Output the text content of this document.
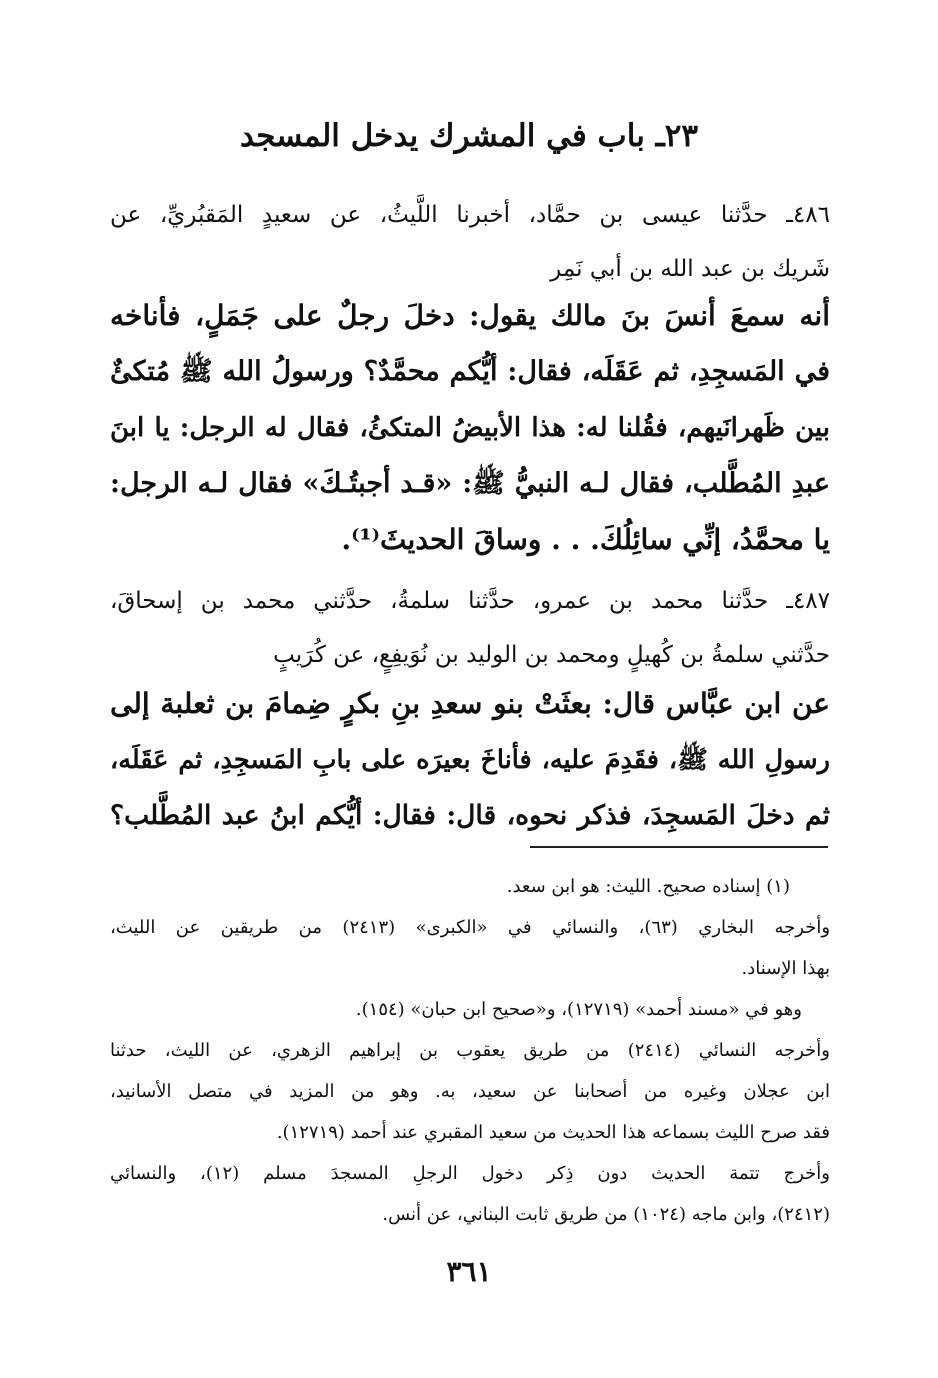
٢٣ـ باب في المشرك يدخل المسجد
٤٨٦ـ حدَّثنا عيسى بن حمَّاد، أخبرنا اللَّيثُ، عن سعيدٍ المَقبُريِّ، عن
شَريك بن عبد الله بن أبي نَمِر
أنه سمعَ أنسَ بنَ مالك يقول: دخلَ رجلٌ على جَمَلٍ، فأناخه
في المَسجِدِ، ثم عَقَلَه، فقال: أيُّكم محمَّدٌ؟ ورسولُ الله ﷺ مُتكئٌ
بين ظَهرانَيهم، فقُلنا له: هذا الأبيضُ المتكئُ، فقال له الرجل: يا ابنَ
عبدِ المُطَّلب، فقال لـه النبيُّ ﷺ: «قـد أجبتُـكَ» فقال لـه الرجل:
يا محمَّدُ، إنِّي سائِلُكَ. . . وساقَ الحديثَ⁽¹⁾.
٤٨٧ـ حدَّثنا محمد بن عمرو، حدَّثنا سلمةُ، حدَّثني محمد بن إسحاقَ،
حدَّثني سلمةُ بن كُهيلٍ ومحمد بن الوليد بن نُوَيفِعٍ، عن كُرَيبٍ
عن ابن عبَّاس قال: بعثَتْ بنو سعدِ بنِ بكرٍ ضِمامَ بن ثعلبة إلى
رسولِ الله ﷺ، فقَدِمَ عليه، فأناخَ بعيرَه على بابِ المَسجِدِ، ثم عَقَلَه،
ثم دخلَ المَسجِدَ، فذكر نحوه، قال: فقال: أيُّكم ابنُ عبد المُطَّلب؟
(١) إسناده صحيح. الليث: هو ابن سعد.
وأخرجه البخاري (٦٣)، والنسائي في «الكبرى» (٢٤١٣) من طريقين عن الليث،
بهذا الإسناد.
وهو في «مسند أحمد» (١٢٧١٩)، و«صحيح ابن حبان» (١٥٤).
وأخرجه النسائي (٢٤١٤) من طريق يعقوب بن إبراهيم الزهري، عن الليث، حدثنا
ابن عجلان وغيره من أصحابنا عن سعيد، به. وهو من المزيد في متصل الأسانيد،
فقد صرح الليث بسماعه هذا الحديث من سعيد المقبري عند أحمد (١٢٧١٩).
وأخرج تتمة الحديث دون ذِكر دخول الرجلِ المسجدَ مسلم (١٢)، والنسائي
(٢٤١٢)، وابن ماجه (١٠٢٤) من طريق ثابت البناني، عن أنس.
٣٦١
